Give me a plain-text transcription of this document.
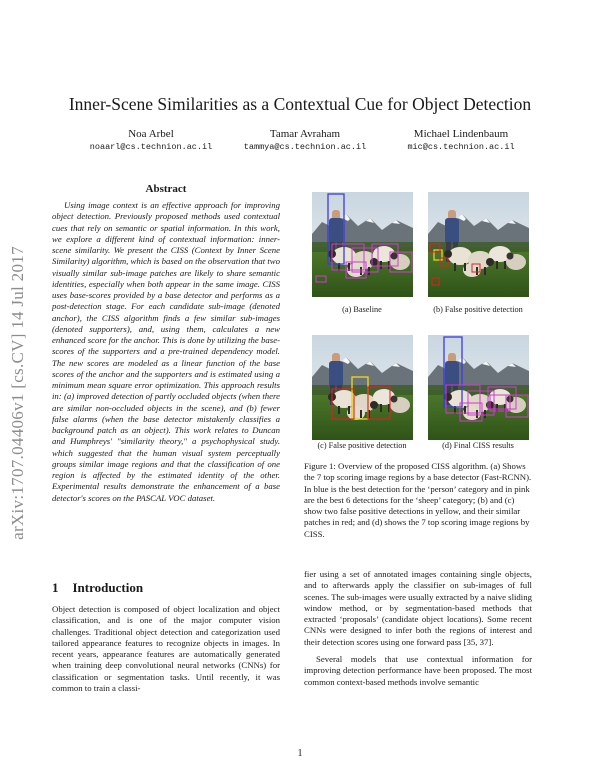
arXiv:1707.04406v1 [cs.CV] 14 Jul 2017
Inner-Scene Similarities as a Contextual Cue for Object Detection
Noa Arbel
noaarl@cs.technion.ac.il
Tamar Avraham
tammya@cs.technion.ac.il
Michael Lindenbaum
mic@cs.technion.ac.il
Abstract

Using image context is an effective approach for improving object detection. Previously proposed methods used contextual cues that rely on semantic or spatial information. In this work, we explore a different kind of contextual information: inner-scene similarity. We present the CISS (Context by Inner Scene Similarity) algorithm, which is based on the observation that two visually similar sub-image patches are likely to share semantic identities, especially when both appear in the same image. CISS uses base-scores provided by a base detector and performs as a post-detection stage. For each candidate sub-image (denoted anchor), the CISS algorithm finds a few similar sub-images (denoted supporters), and, using them, calculates a new enhanced score for the anchor. This is done by utilizing the base-scores of the supporters and a pre-trained dependency model. The new scores are modeled as a linear function of the base scores of the anchor and the supporters and is estimated using a minimum mean square error optimization. This approach results in: (a) improved detection of partly occluded objects (when there are similar non-occluded objects in the scene), and (b) fewer false alarms (when the base detector mistakenly classifies a background patch as an object). This work relates to Duncan and Humphreys' "similarity theory," a psychophysical study. which suggested that the human visual system perceptually groups similar image regions and that the classification of one region is affected by the estimated identity of the other. Experimental results demonstrate the enhancement of a base detector's scores on the PASCAL VOC dataset.

(a) Baseline	(b) False positive detection
(c) False positive detection	(d) Final CISS results
Figure 1: Overview of the proposed CISS algorithm. (a) Shows the 7 top scoring image regions by a base detector (Fast-RCNN). In blue is the best detection for the ‘person’ category and in pink are the best 6 detections for the ‘sheep’ category; (b) and (c) show two false positive detections in yellow, and their similar patches in red; and (d) shows the 7 top scoring image regions by CISS.
1 Introduction

Object detection is composed of object localization and object classification, and is one of the major computer vision challenges. Traditional object detection and categorization used tailored appearance features to recognize objects in images. In recent years, appearance features are automatically generated when training deep convolutional neural networks (CNNs) for classification or segmentation tasks. Until recently, it was common to train a classi-

fier using a set of annotated images containing single objects, and to afterwards apply the classifier on sub-images of full scenes. The sub-images were usually extracted by a naive sliding window method, or by segmentation-based methods that extracted ‘proposals’ (candidate object locations). Some recent CNNs were designed to infer both the regions of interest and their detection scores using one forward pass [35, 37].

Several models that use contextual information for improving detection performance have been proposed. The most common context-based methods involve semantic

1
